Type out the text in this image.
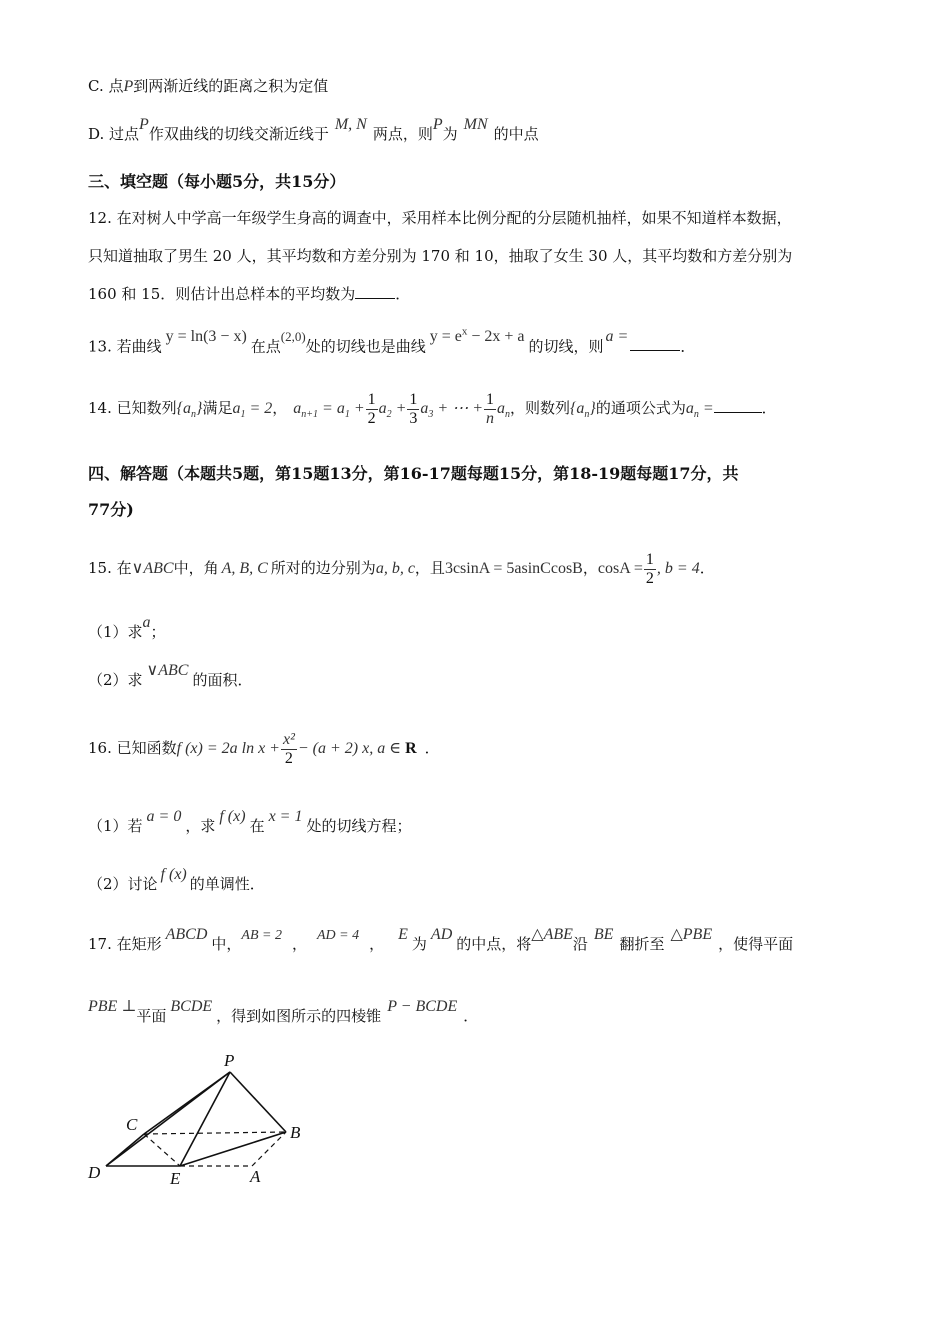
C. 点P到两渐近线的距离之积为定值
D. 过点P作双曲线的切线交渐近线于M, N两点，则P为MN的中点
三、填空题（每小题5分，共15分）
12. 在对树人中学高一年级学生身高的调查中，采用样本比例分配的分层随机抽样，如果不知道样本数据，
只知道抽取了男生 20 人，其平均数和方差分别为 170 和 10，抽取了女生 30 人，其平均数和方差分别为
160 和 15．则估计出总样本的平均数为	．
13. 若曲线y = ln(3 − x)在点(2,0)处的切线也是曲线$y = e^x - 2x + a$的切线，则a =．
14. 已知数列$\{a_n\}$满足$a_1 = 2$， $a_{n+1} = a_1 + \frac{1}{2} a_2 + \frac{1}{3} a_3$ + ⋯ + $\frac{1}{n} a_n$，则数列$\{a_n\}$的通项公式为$a_n$ =	．
四、解答题（本题共5题，第15题13分，第16-17题每题15分，第18-19题每题17分，共
77分)
15. 在∨ABC中，角 A, B, C 所对的边分别为a, b, c，且3csinA = 5asinCcosB，$\cos A = \frac{1}{2}$ , b = 4．
（1）求a；
（2）求∨ABC的面积．
16. 已知函数f (x) = 2a $\ln x + \frac{\text{x²}}{2} - (a + 2)$ x, a ∈ R ．
（1）若a = 0，求f (x)在x = 1处的切线方程；
（2）讨论f (x)的单调性．
17. 在矩形ABCD中，AB = 2 ， AD = 4 ，E为AD的中点，将△ABE沿BE翻折至△PBE，使得平面
PBE ⊥平面BCDE，得到如图所示的四棱锥P − BCDE．
P
C	B
D	E	A
